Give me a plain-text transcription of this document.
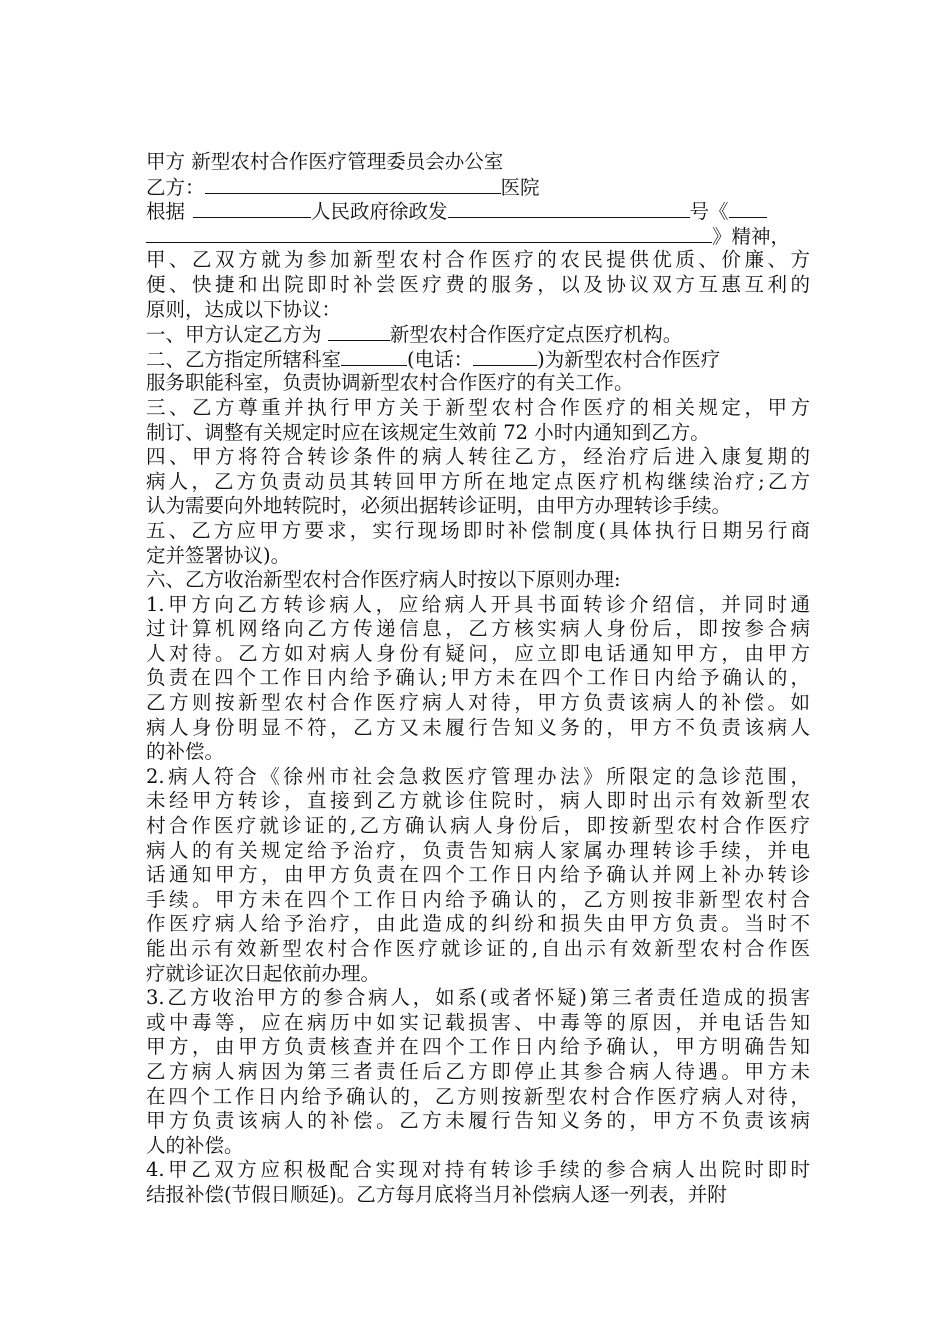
甲方 新型农村合作医疗管理委员会办公室
乙方：	医院
根据	人民政府徐政发	号《
》精神，
甲、乙双方就为参加新型农村合作医疗的农民提供优质、价廉、方
便、快捷和出院即时补尝医疗费的服务，以及协议双方互惠互利的
原则，达成以下协议：
一、甲方认定乙方为	新型农村合作医疗定点医疗机构。
二、乙方指定所辖科室	(电话：	)为新型农村合作医疗
服务职能科室，负责协调新型农村合作医疗的有关工作。
三、乙方尊重并执行甲方关于新型农村合作医疗的相关规定，甲方
制订、调整有关规定时应在该规定生效前 72 小时内通知到乙方。
四、甲方将符合转诊条件的病人转往乙方，经治疗后进入康复期的
病人，乙方负责动员其转回甲方所在地定点医疗机构继续治疗;乙方
认为需要向外地转院时，必须出据转诊证明，由甲方办理转诊手续。
五、乙方应甲方要求，实行现场即时补偿制度(具体执行日期另行商
定并签署协议)。
六、乙方收治新型农村合作医疗病人时按以下原则办理:
1.甲方向乙方转诊病人，应给病人开具书面转诊介绍信，并同时通
过计算机网络向乙方传递信息，乙方核实病人身份后，即按参合病
人对待。乙方如对病人身份有疑问，应立即电话通知甲方，由甲方
负责在四个工作日内给予确认;甲方未在四个工作日内给予确认的，
乙方则按新型农村合作医疗病人对待，甲方负责该病人的补偿。如
病人身份明显不符，乙方又未履行告知义务的，甲方不负责该病人
的补偿。
2.病人符合《徐州市社会急救医疗管理办法》所限定的急诊范围，
未经甲方转诊，直接到乙方就诊住院时，病人即时出示有效新型农
村合作医疗就诊证的,乙方确认病人身份后，即按新型农村合作医疗
病人的有关规定给予治疗，负责告知病人家属办理转诊手续，并电
话通知甲方，由甲方负责在四个工作日内给予确认并网上补办转诊
手续。甲方未在四个工作日内给予确认的，乙方则按非新型农村合
作医疗病人给予治疗，由此造成的纠纷和损失由甲方负责。当时不
能出示有效新型农村合作医疗就诊证的,自出示有效新型农村合作医
疗就诊证次日起依前办理。
3.乙方收治甲方的参合病人，如系(或者怀疑)第三者责任造成的损害
或中毒等，应在病历中如实记载损害、中毒等的原因，并电话告知
甲方，由甲方负责核查并在四个工作日内给予确认，甲方明确告知
乙方病人病因为第三者责任后乙方即停止其参合病人待遇。甲方未
在四个工作日内给予确认的，乙方则按新型农村合作医疗病人对待，
甲方负责该病人的补偿。乙方未履行告知义务的，甲方不负责该病
人的补偿。
4.甲乙双方应积极配合实现对持有转诊手续的参合病人出院时即时
结报补偿(节假日顺延)。乙方每月底将当月补偿病人逐一列表，并附
